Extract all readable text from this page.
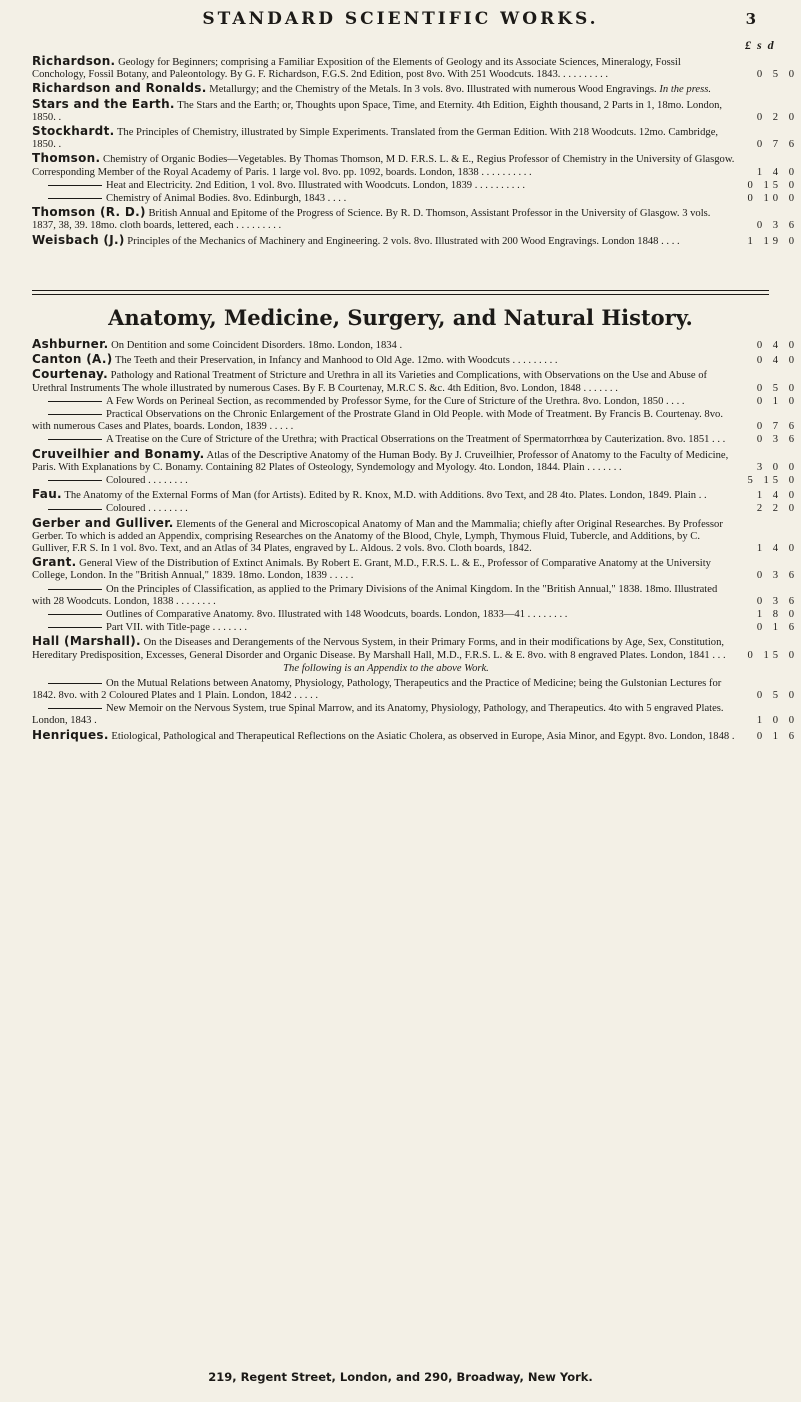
STANDARD SCIENTIFIC WORKS.	3
£ s d
Richardson. Geology for Beginners; comprising a Familiar Exposition of the Elements of Geology and its Associate Sciences, Mineralogy, Fossil Conchology, Fossil Botany, and Paleontology. By G. F. Richardson, F.G.S. 2nd Edition, post 8vo. With 251 Woodcuts. 1843. . . . . . . . . .	0 5 0
Richardson and Ronalds. Metallurgy; and the Chemistry of the Metals. In 3 vols. 8vo. Illustrated with numerous Wood Engravings. In the press.
Stars and the Earth. The Stars and the Earth; or, Thoughts upon Space, Time, and Eternity. 4th Edition, Eighth thousand, 2 Parts in 1, 18mo. London, 1850. .	0 2 0
Stockhardt. The Principles of Chemistry, illustrated by Simple Experiments. Translated from the German Edition. With 218 Woodcuts. 12mo. Cambridge, 1850. .	0 7 6
Thomson. Chemistry of Organic Bodies—Vegetables. By Thomas Thomson, M D. F.R.S. L. & E., Regius Professor of Chemistry in the University of Glasgow. Corresponding Member of the Royal Academy of Paris. 1 large vol. 8vo. pp. 1092, boards. London, 1838 . . . . . . . . . .	1 4 0
Heat and Electricity. 2nd Edition, 1 vol. 8vo. Illustrated with Woodcuts. London, 1839 . . . . . . . . . .	0 15 0
Chemistry of Animal Bodies. 8vo. Edinburgh, 1843 . . . .	0 10 0
Thomson (R. D.) British Annual and Epitome of the Progress of Science. By R. D. Thomson, Assistant Professor in the University of Glasgow. 3 vols. 1837, 38, 39. 18mo. cloth boards, lettered, each . . . . . . . . .	0 3 6
Weisbach (J.) Principles of the Mechanics of Machinery and Engineering. 2 vols. 8vo. Illustrated with 200 Wood Engravings. London 1848 . . . .	1 19 0
Anatomy, Medicine, Surgery, and Natural History.
Ashburner. On Dentition and some Coincident Disorders. 18mo. London, 1834 .	0 4 0
Canton (A.) The Teeth and their Preservation, in Infancy and Manhood to Old Age. 12mo. with Woodcuts . . . . . . . . .	0 4 0
Courtenay. Pathology and Rational Treatment of Stricture and Urethra in all its Varieties and Complications, with Observations on the Use and Abuse of Urethral Instruments The whole illustrated by numerous Cases. By F. B Courtenay, M.R.C S. &c. 4th Edition, 8vo. London, 1848 . . . . . . .	0 5 0
A Few Words on Perineal Section, as recommended by Professor Syme, for the Cure of Stricture of the Urethra. 8vo. London, 1850 . . . .	0 1 0
Practical Observations on the Chronic Enlargement of the Prostrate Gland in Old People. with Mode of Treatment. By Francis B. Courtenay. 8vo. with numerous Cases and Plates, boards. London, 1839 . . . . .	0 7 6
A Treatise on the Cure of Stricture of the Urethra; with Practical Obserrations on the Treatment of Spermatorrhœa by Cauterization. 8vo. 1851 . . .	0 3 6
Cruveilhier and Bonamy. Atlas of the Descriptive Anatomy of the Human Body. By J. Cruveilhier, Professor of Anatomy to the Faculty of Medicine, Paris. With Explanations by C. Bonamy. Containing 82 Plates of Osteology, Syndemology and Myology. 4to. London, 1844. Plain . . . . . . .	3 0 0
Coloured . . . . . . . .	5 15 0
Fau. The Anatomy of the External Forms of Man (for Artists). Edited by R. Knox, M.D. with Additions. 8vo Text, and 28 4to. Plates. London, 1849. Plain . .	1 4 0
Coloured . . . . . . . .	2 2 0
Gerber and Gulliver. Elements of the General and Microscopical Anatomy of Man and the Mammalia; chiefly after Original Researches. By Professor Gerber. To which is added an Appendix, comprising Researches on the Anatomy of the Blood, Chyle, Lymph, Thymous Fluid, Tubercle, and Additions, by C. Gulliver, F.R S. In 1 vol. 8vo. Text, and an Atlas of 34 Plates, engraved by L. Aldous. 2 vols. 8vo. Cloth boards, 1842.	1 4 0
Grant. General View of the Distribution of Extinct Animals. By Robert E. Grant, M.D., F.R.S. L. & E., Professor of Comparative Anatomy at the University College, London. In the "British Annual," 1839. 18mo. London, 1839 . . . . .	0 3 6
On the Principles of Classification, as applied to the Primary Divisions of the Animal Kingdom. In the "British Annual," 1838. 18mo. Illustrated with 28 Woodcuts. London, 1838 . . . . . . . .	0 3 6
Outlines of Comparative Anatomy. 8vo. Illustrated with 148 Woodcuts, boards. London, 1833—41 . . . . . . . .	1 8 0
Part VII. with Title-page . . . . . . .	0 1 6
Hall (Marshall). On the Diseases and Derangements of the Nervous System, in their Primary Forms, and in their modifications by Age, Sex, Constitution, Hereditary Predisposition, Excesses, General Disorder and Organic Disease. By Marshall Hall, M.D., F.R.S. L. & E. 8vo. with 8 engraved Plates. London, 1841 . . .	0 15 0
The following is an Appendix to the above Work.
On the Mutual Relations between Anatomy, Physiology, Pathology, Therapeutics and the Practice of Medicine; being the Gulstonian Lectures for 1842. 8vo. with 2 Coloured Plates and 1 Plain. London, 1842 . . . . .	0 5 0
New Memoir on the Nervous System, true Spinal Marrow, and its Anatomy, Physiology, Pathology, and Therapeutics. 4to with 5 engraved Plates. London, 1843 .	1 0 0
Henriques. Etiological, Pathological and Therapeutical Reflections on the Asiatic Cholera, as observed in Europe, Asia Minor, and Egypt. 8vo. London, 1848 .	0 1 6
219, Regent Street, London, and 290, Broadway, New York.
